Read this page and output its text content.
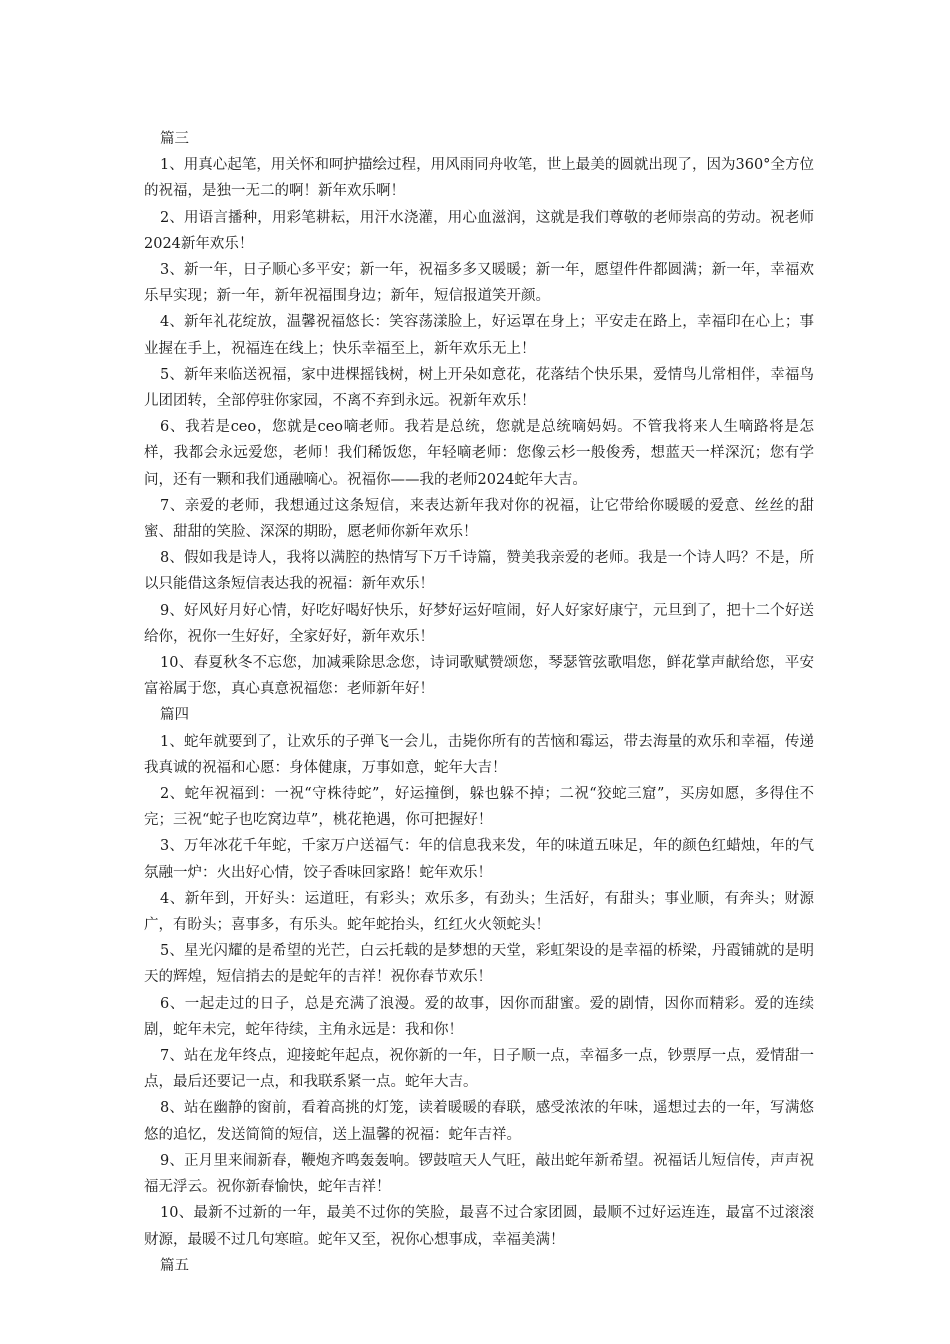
篇三

1、用真心起笔，用关怀和呵护描绘过程，用风雨同舟收笔，世上最美的圆就出现了，因为360°全方位的祝福，是独一无二的啊！新年欢乐啊！

2、用语言播种，用彩笔耕耘，用汗水浇灌，用心血滋润，这就是我们尊敬的老师崇高的劳动。祝老师2024新年欢乐！

3、新一年，日子顺心多平安；新一年，祝福多多又暖暖；新一年，愿望件件都圆满；新一年，幸福欢乐早实现；新一年，新年祝福围身边；新年，短信报道笑开颜。

4、新年礼花绽放，温馨祝福悠长：笑容荡漾脸上，好运罩在身上；平安走在路上，幸福印在心上；事业握在手上，祝福连在线上；快乐幸福至上，新年欢乐无上！

5、新年来临送祝福，家中进棵摇钱树，树上开朵如意花，花落结个快乐果，爱情鸟儿常相伴，幸福鸟儿团团转，全部停驻你家园，不离不弃到永远。祝新年欢乐！

6、我若是ceo，您就是ceo嘀老师。我若是总统，您就是总统嘀妈妈。不管我将来人生嘀路将是怎样，我都会永远爱您，老师！我们稀饭您，年轻嘀老师：您像云杉一般俊秀，想蓝天一样深沉；您有学问，还有一颗和我们通融嘀心。祝福你——我的老师2024蛇年大吉。

7、亲爱的老师，我想通过这条短信，来表达新年我对你的祝福，让它带给你暖暖的爱意、丝丝的甜蜜、甜甜的笑脸、深深的期盼，愿老师你新年欢乐！

8、假如我是诗人，我将以满腔的热情写下万千诗篇，赞美我亲爱的老师。我是一个诗人吗？不是，所以只能借这条短信表达我的祝福：新年欢乐！

9、好风好月好心情，好吃好喝好快乐，好梦好运好喧闹，好人好家好康宁，元旦到了，把十二个好送给你，祝你一生好好，全家好好，新年欢乐！

10、春夏秋冬不忘您，加减乘除思念您，诗词歌赋赞颂您，琴瑟管弦歌唱您，鲜花掌声献给您，平安富裕属于您，真心真意祝福您：老师新年好！

篇四

1、蛇年就要到了，让欢乐的子弹飞一会儿，击毙你所有的苦恼和霉运，带去海量的欢乐和幸福，传递我真诚的祝福和心愿：身体健康，万事如意，蛇年大吉！

2、蛇年祝福到：一祝“守株待蛇”，好运撞倒，躲也躲不掉；二祝“狡蛇三窟”，买房如愿，多得住不完；三祝“蛇子也吃窝边草”，桃花艳遇，你可把握好！

3、万年冰花千年蛇，千家万户送福气：年的信息我来发，年的味道五味足，年的颜色红蜡烛，年的气氛融一炉：火出好心情，饺子香味回家路！蛇年欢乐！

4、新年到，开好头：运道旺，有彩头；欢乐多，有劲头；生活好，有甜头；事业顺，有奔头；财源广，有盼头；喜事多，有乐头。蛇年蛇抬头，红红火火领蛇头！

5、星光闪耀的是希望的光芒，白云托载的是梦想的天堂，彩虹架设的是幸福的桥梁，丹霞铺就的是明天的辉煌，短信捎去的是蛇年的吉祥！祝你春节欢乐！

6、一起走过的日子，总是充满了浪漫。爱的故事，因你而甜蜜。爱的剧情，因你而精彩。爱的连续剧，蛇年未完，蛇年待续，主角永远是：我和你！

7、站在龙年终点，迎接蛇年起点，祝你新的一年，日子顺一点，幸福多一点，钞票厚一点，爱情甜一点，最后还要记一点，和我联系紧一点。蛇年大吉。

8、站在幽静的窗前，看着高挑的灯笼，读着暖暖的春联，感受浓浓的年味，遥想过去的一年，写满悠悠的追忆，发送简简的短信，送上温馨的祝福：蛇年吉祥。

9、正月里来闹新春，鞭炮齐鸣轰轰响。锣鼓喧天人气旺，敲出蛇年新希望。祝福话儿短信传，声声祝福无浮云。祝你新春愉快，蛇年吉祥！

10、最新不过新的一年，最美不过你的笑脸，最喜不过合家团圆，最顺不过好运连连，最富不过滚滚财源，最暖不过几句寒暄。蛇年又至，祝你心想事成，幸福美满！

篇五
